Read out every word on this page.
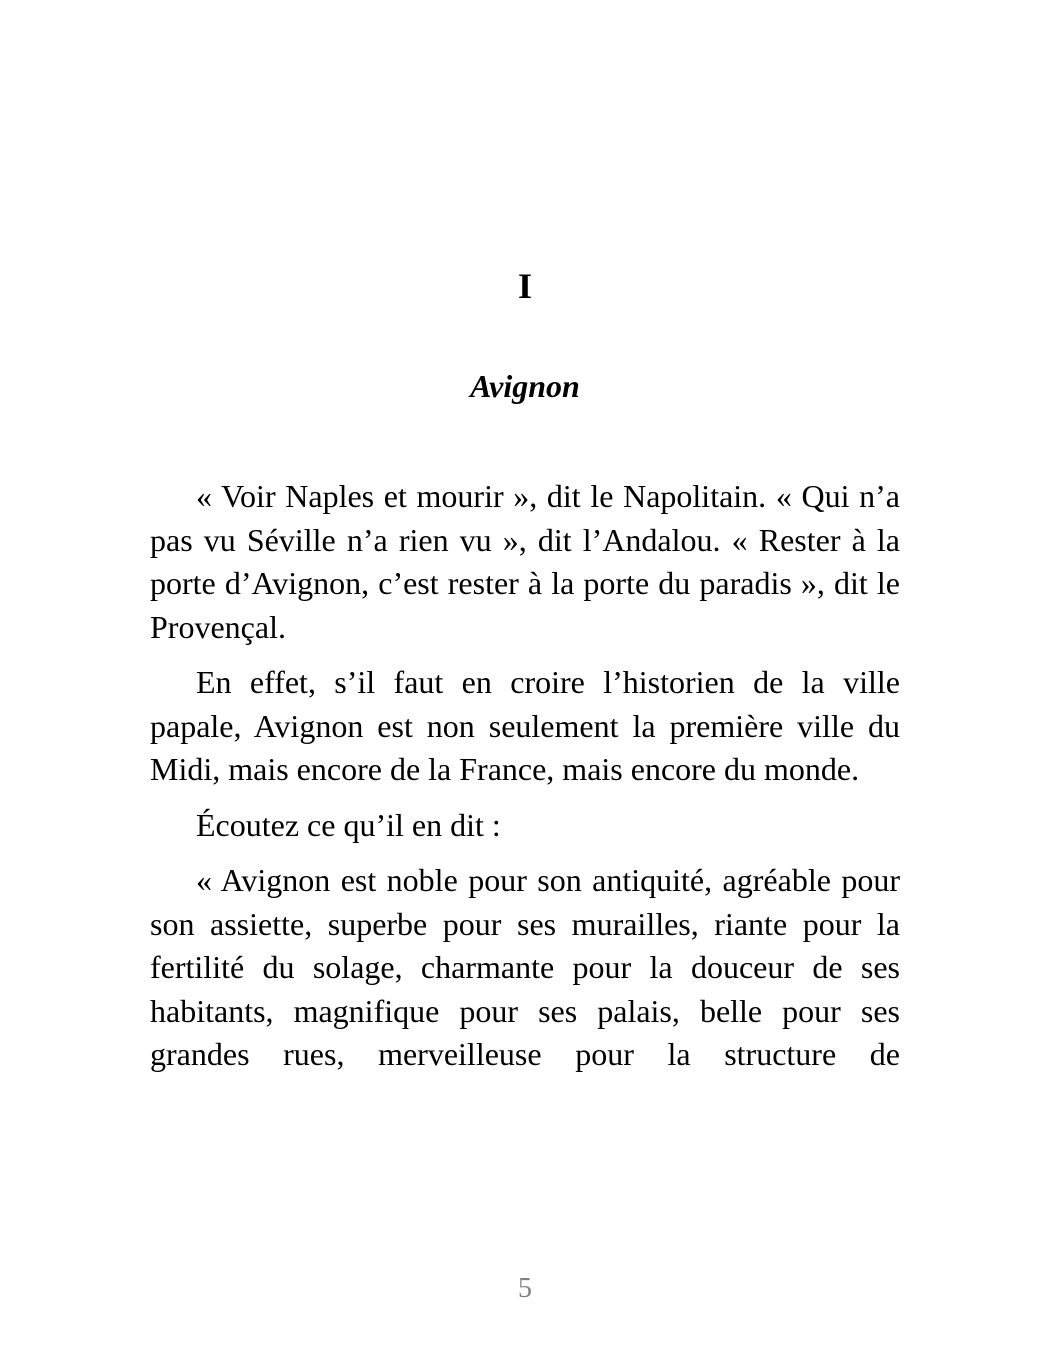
I
Avignon

« Voir Naples et mourir », dit le Napolitain. « Qui n’a pas vu Séville n’a rien vu », dit l’Andalou. « Rester à la porte d’Avignon, c’est rester à la porte du paradis », dit le Provençal.

En effet, s’il faut en croire l’historien de la ville papale, Avignon est non seulement la première ville du Midi, mais encore de la France, mais encore du monde.

Écoutez ce qu’il en dit :

« Avignon est noble pour son antiquité, agréable pour son assiette, superbe pour ses murailles, riante pour la fertilité du solage, charmante pour la douceur de ses habitants, magnifique pour ses palais, belle pour ses grandes rues, merveilleuse pour la structure de

5
